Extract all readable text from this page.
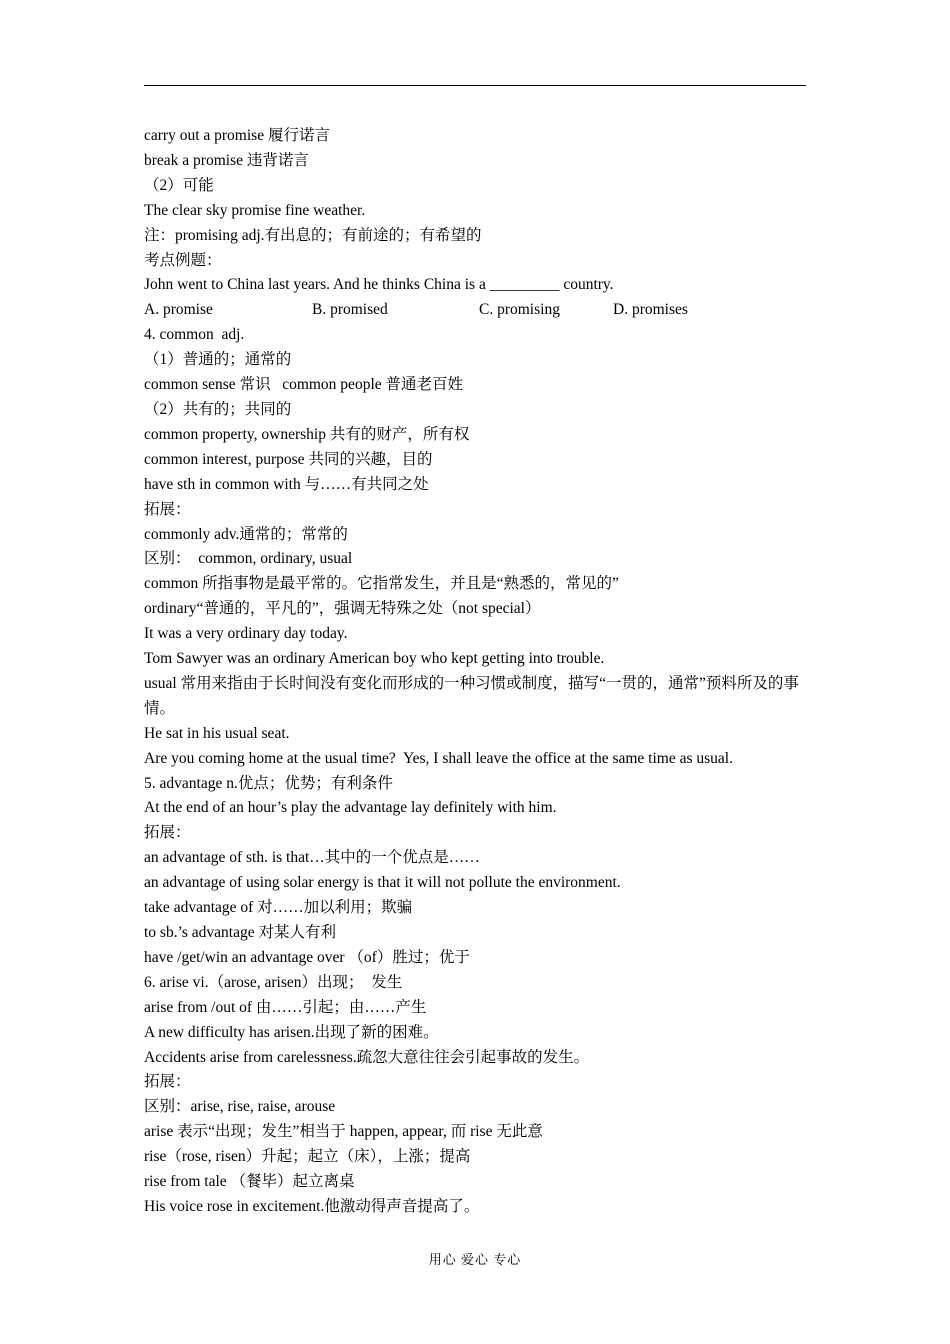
carry out a promise 履行诺言

break a promise 违背诺言

（2）可能

The clear sky promise fine weather.

注：promising adj.有出息的；有前途的；有希望的

考点例题：

John went to China last years. And he thinks China is a _________ country.

A. promise	B. promised	C. promising	D. promises

4. common  adj.

（1）普通的；通常的

common sense 常识   common people 普通老百姓

（2）共有的；共同的

common property, ownership 共有的财产，所有权

common interest, purpose 共同的兴趣，目的

have sth in common with 与……有共同之处

拓展：

commonly adv.通常的；常常的

区别：  common, ordinary, usual

common 所指事物是最平常的。它指常发生，并且是“熟悉的，常见的”

ordinary“普通的，平凡的”，强调无特殊之处（not special）

It was a very ordinary day today.

Tom Sawyer was an ordinary American boy who kept getting into trouble.

usual 常用来指由于长时间没有变化而形成的一种习惯或制度，描写“一贯的，通常”预料所及的事情。

He sat in his usual seat.

Are you coming home at the usual time?  Yes, I shall leave the office at the same time as usual.

5. advantage n.优点；优势；有利条件

At the end of an hour’s play the advantage lay definitely with him.

拓展：

an advantage of sth. is that…其中的一个优点是……

an advantage of using solar energy is that it will not pollute the environment.

take advantage of 对……加以利用；欺骗

to sb.’s advantage 对某人有利

have /get/win an advantage over （of）胜过；优于

6. arise vi.（arose, arisen）出现；  发生

arise from /out of 由……引起；由……产生

A new difficulty has arisen.出现了新的困难。

Accidents arise from carelessness.疏忽大意往往会引起事故的发生。

拓展：

区别：arise, rise, raise, arouse

arise 表示“出现；发生”相当于 happen, appear, 而 rise 无此意

rise（rose, risen）升起；起立（床），上涨；提高

rise from tale （餐毕）起立离桌

His voice rose in excitement.他激动得声音提高了。

用心 爱心 专心
